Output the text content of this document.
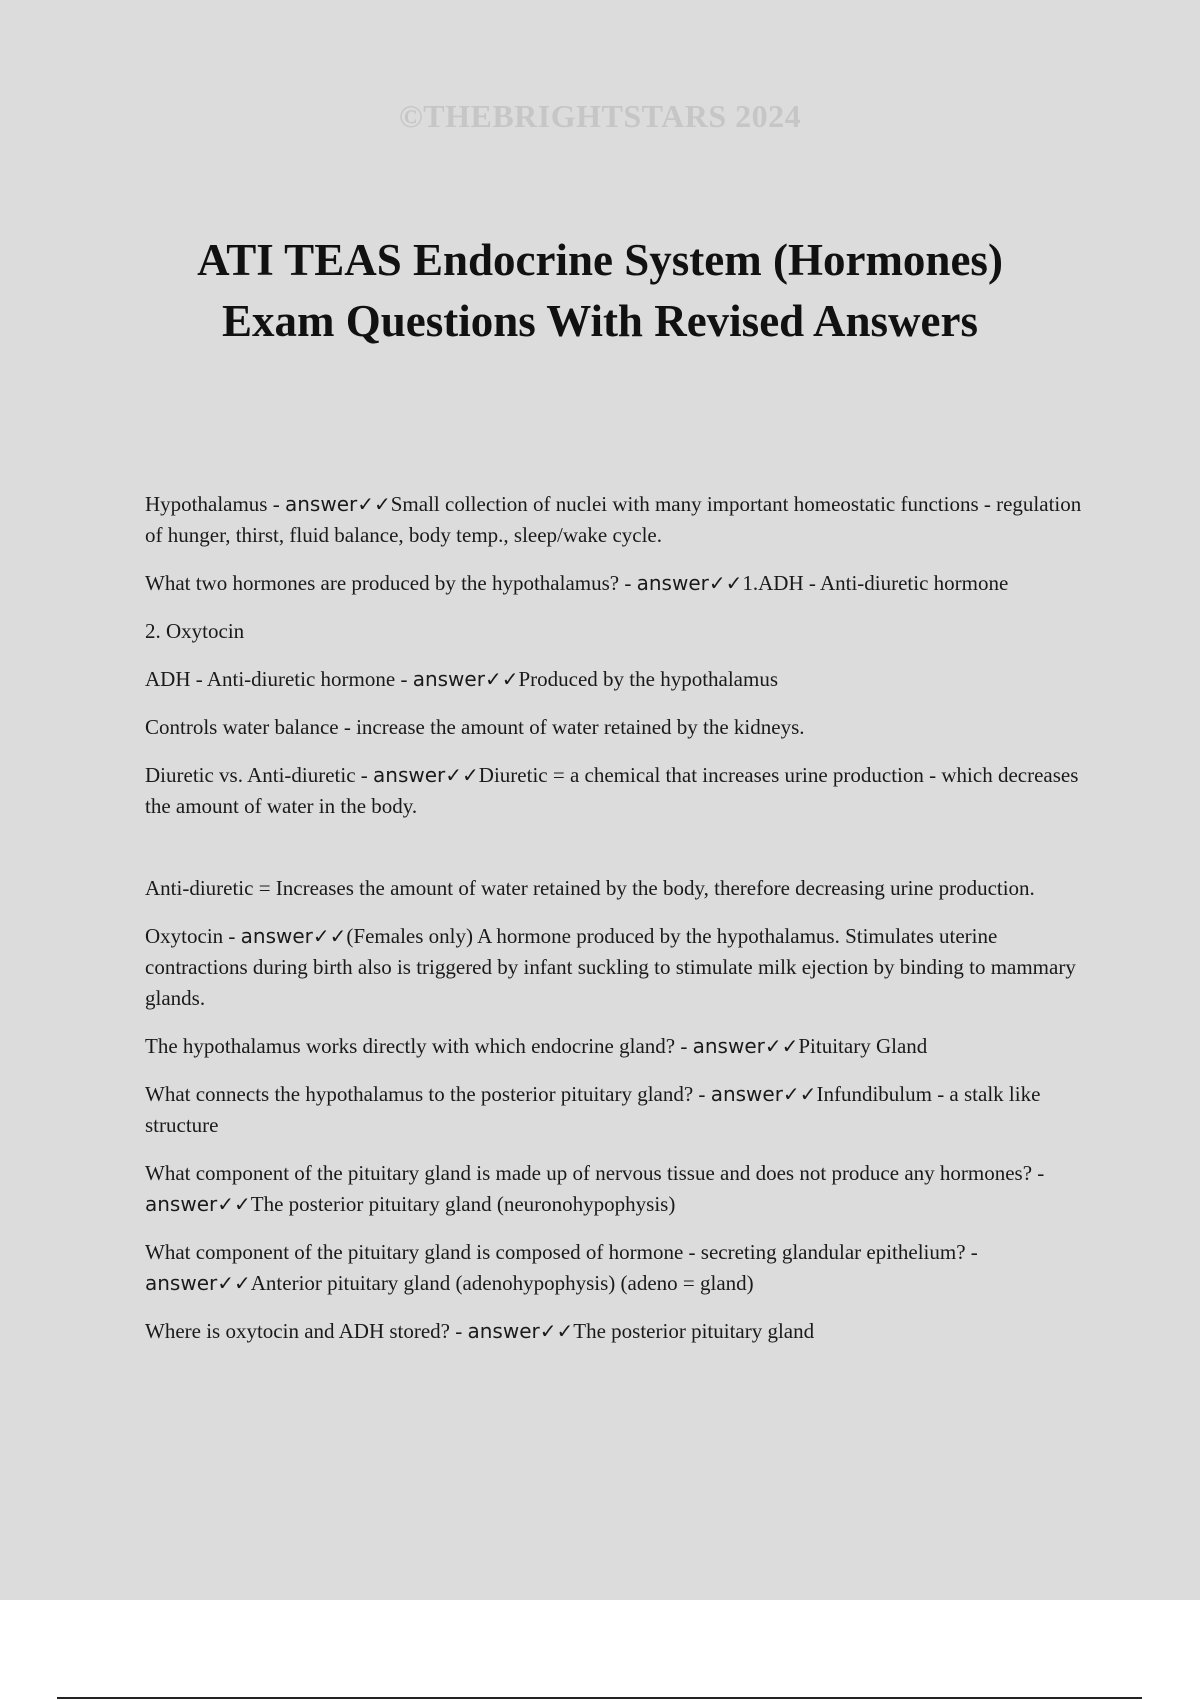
©THEBRIGHTSTARS 2024
ATI TEAS Endocrine System (Hormones)
Exam Questions With Revised Answers

Hypothalamus - answer✓✓Small collection of nuclei with many important homeostatic functions - regulation of hunger, thirst, fluid balance, body temp., sleep/wake cycle.

What two hormones are produced by the hypothalamus? - answer✓✓1.ADH - Anti-diuretic hormone

2. Oxytocin

ADH - Anti-diuretic hormone - answer✓✓Produced by the hypothalamus

Controls water balance - increase the amount of water retained by the kidneys.

Diuretic vs. Anti-diuretic - answer✓✓Diuretic = a chemical that increases urine production - which decreases the amount of water in the body.

Anti-diuretic = Increases the amount of water retained by the body, therefore decreasing urine production.

Oxytocin - answer✓✓(Females only) A hormone produced by the hypothalamus. Stimulates uterine contractions during birth also is triggered by infant suckling to stimulate milk ejection by binding to mammary glands.

The hypothalamus works directly with which endocrine gland? - answer✓✓Pituitary Gland

What connects the hypothalamus to the posterior pituitary gland? - answer✓✓Infundibulum - a stalk like structure

What component of the pituitary gland is made up of nervous tissue and does not produce any hormones? - answer✓✓The posterior pituitary gland (neuronohypophysis)

What component of the pituitary gland is composed of hormone - secreting glandular epithelium? - answer✓✓Anterior pituitary gland (adenohypophysis) (adeno = gland)

Where is oxytocin and ADH stored? - answer✓✓The posterior pituitary gland
